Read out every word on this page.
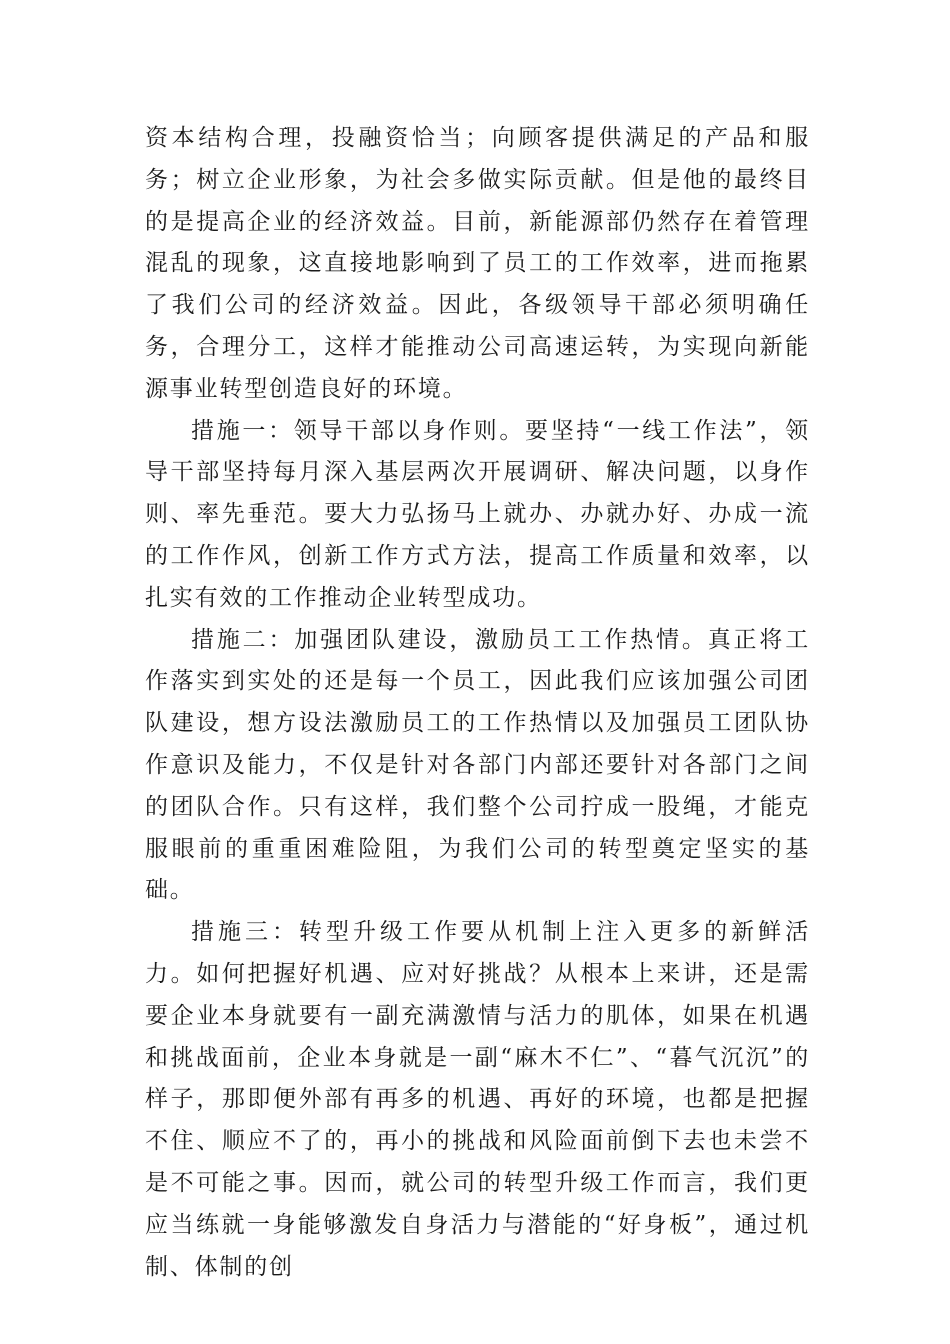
资本结构合理，投融资恰当；向顾客提供满足的产品和服务；树立企业形象，为社会多做实际贡献。但是他的最终目的是提高企业的经济效益。目前，新能源部仍然存在着管理混乱的现象，这直接地影响到了员工的工作效率，进而拖累了我们公司的经济效益。因此，各级领导干部必须明确任务，合理分工，这样才能推动公司高速运转，为实现向新能源事业转型创造良好的环境。

措施一：领导干部以身作则。要坚持“一线工作法”，领导干部坚持每月深入基层两次开展调研、解决问题，以身作则、率先垂范。要大力弘扬马上就办、办就办好、办成一流的工作作风，创新工作方式方法，提高工作质量和效率，以扎实有效的工作推动企业转型成功。

措施二：加强团队建设，激励员工工作热情。真正将工作落实到实处的还是每一个员工，因此我们应该加强公司团队建设，想方设法激励员工的工作热情以及加强员工团队协作意识及能力，不仅是针对各部门内部还要针对各部门之间的团队合作。只有这样，我们整个公司拧成一股绳，才能克服眼前的重重困难险阻，为我们公司的转型奠定坚实的基础。

措施三：转型升级工作要从机制上注入更多的新鲜活力。如何把握好机遇、应对好挑战？从根本上来讲，还是需要企业本身就要有一副充满激情与活力的肌体，如果在机遇和挑战面前，企业本身就是一副“麻木不仁”、“暮气沉沉”的样子，那即便外部有再多的机遇、再好的环境，也都是把握不住、顺应不了的，再小的挑战和风险面前倒下去也未尝不是不可能之事。因而，就公司的转型升级工作而言，我们更应当练就一身能够激发自身活力与潜能的“好身板”，通过机制、体制的创
